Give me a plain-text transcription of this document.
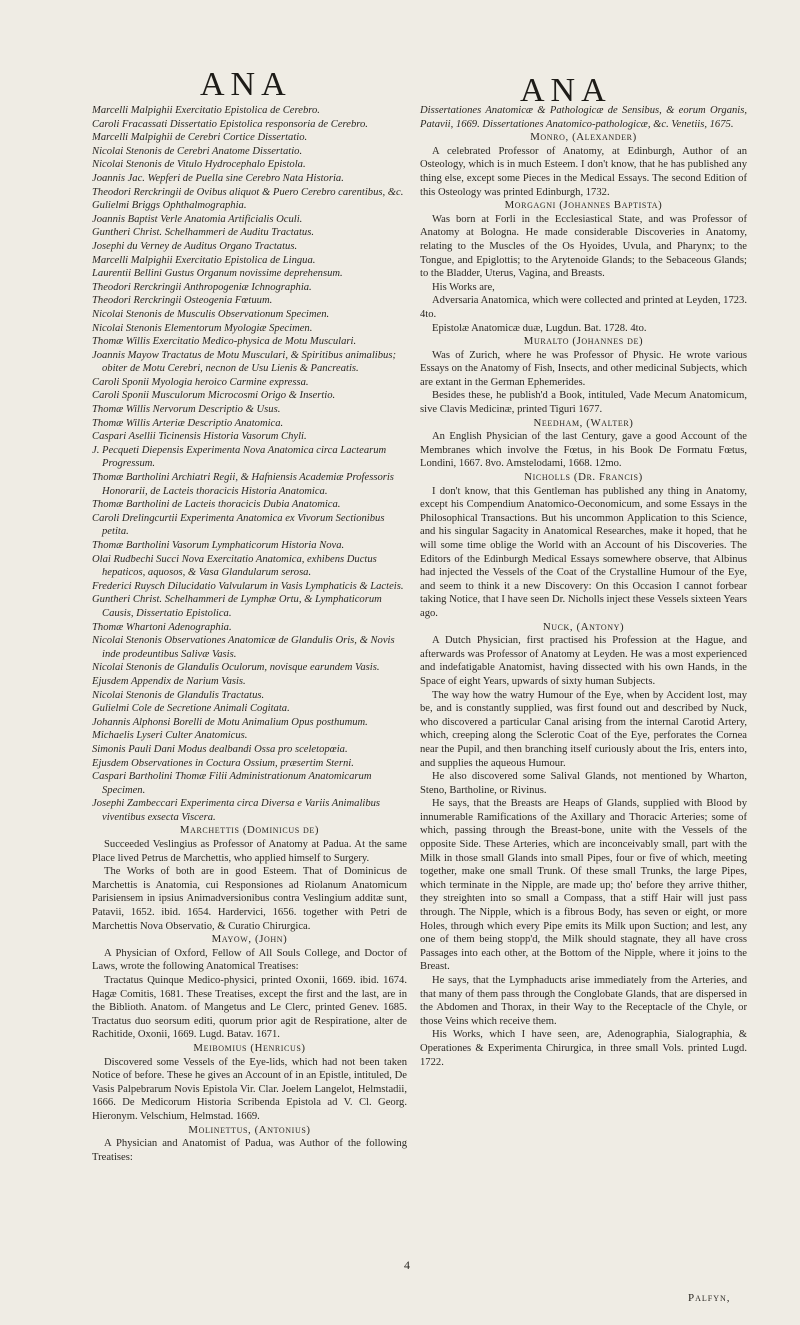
ANA	ANA

Marcelli Malpighii Exercitatio Epistolica de Cerebro.

Caroli Fracassati Dissertatio Epistolica responsoria de Cerebro.

Marcelli Malpighii de Cerebri Cortice Dissertatio.

Nicolai Stenonis de Cerebri Anatome Dissertatio.

Nicolai Stenonis de Vitulo Hydrocephalo Epistola.

Joannis Jac. Wepferi de Puella sine Cerebro Nata Historia.

Theodori Rerckringii de Ovibus aliquot & Puero Cerebro carentibus, &c.

Gulielmi Briggs Ophthalmographia.

Joannis Baptist Verle Anatomia Artificialis Oculi.

Guntheri Christ. Schelhammeri de Auditu Tractatus.

Josephi du Verney de Auditus Organo Tractatus.

Marcelli Malpighii Exercitatio Epistolica de Lingua.

Laurentii Bellini Gustus Organum novissime deprehensum.

Theodori Rerckringii Anthropogeniæ Ichnographia.

Theodori Rerckringii Osteogenia Fœtuum.

Nicolai Stenonis de Musculis Observationum Specimen.

Nicolai Stenonis Elementorum Myologiæ Specimen.

Thomæ Willis Exercitatio Medico-physica de Motu Musculari.

Joannis Mayow Tractatus de Motu Musculari, & Spiritibus animalibus; obiter de Motu Cerebri, necnon de Usu Lienis & Pancreatis.

Caroli Sponii Myologia heroico Carmine expressa.

Caroli Sponii Musculorum Microcosmi Origo & Insertio.

Thomæ Willis Nervorum Descriptio & Usus.

Thomæ Willis Arteriæ Descriptio Anatomica.

Caspari Asellii Ticinensis Historia Vasorum Chyli.

J. Pecqueti Diepensis Experimenta Nova Anatomica circa Lactearum Progressum.

Thomæ Bartholini Archiatri Regii, & Hafniensis Academiæ Professoris Honorarii, de Lacteis thoracicis Historia Anatomica.

Thomæ Bartholini de Lacteis thoracicis Dubia Anatomica.

Caroli Drelingcurtii Experimenta Anatomica ex Vivorum Sectionibus petita.

Thomæ Bartholini Vasorum Lymphaticorum Historia Nova.

Olai Rudbechi Succi Nova Exercitatio Anatomica, exhibens Ductus hepaticos, aquosos, & Vasa Glandularum serosa.

Frederici Ruysch Dilucidatio Valvularum in Vasis Lymphaticis & Lacteis.

Guntheri Christ. Schelhammeri de Lymphæ Ortu, & Lymphaticorum Causis, Dissertatio Epistolica.

Thomæ Whartoni Adenographia.

Nicolai Stenonis Observationes Anatomicæ de Glandulis Oris, & Novis inde prodeuntibus Salivæ Vasis.

Nicolai Stenonis de Glandulis Oculorum, novisque earundem Vasis.

Ejusdem Appendix de Narium Vasis.

Nicolai Stenonis de Glandulis Tractatus.

Gulielmi Cole de Secretione Animali Cogitata.

Johannis Alphonsi Borelli de Motu Animalium Opus posthumum.

Michaelis Lyseri Culter Anatomicus.

Simonis Pauli Dani Modus dealbandi Ossa pro sceletopœia.

Ejusdem Observationes in Coctura Ossium, præsertim Sterni.

Caspari Bartholini Thomæ Filii Administrationum Anatomicarum Specimen.

Josephi Zambeccari Experimenta circa Diversa e Variis Animalibus viventibus exsecta Viscera.

Marchettis (Dominicus de)

Succeeded Veslingius as Professor of Anatomy at Padua. At the same Place lived Petrus de Marchettis, who applied himself to Surgery.

The Works of both are in good Esteem. That of Dominicus de Marchettis is Anatomia, cui Responsiones ad Riolanum Anatomicum Parisiensem in ipsius Animadversionibus contra Veslingium additæ sunt, Patavii, 1652. ibid. 1654. Hardervici, 1656. together with Petri de Marchettis Nova Observatio, & Curatio Chirurgica.

Mayow, (John)

A Physician of Oxford, Fellow of All Souls College, and Doctor of Laws, wrote the following Anatomical Treatises:

Tractatus Quinque Medico-physici, printed Oxonii, 1669. ibid. 1674. Hagæ Comitis, 1681. These Treatises, except the first and the last, are in the Biblioth. Anatom. of Mangetus and Le Clerc, printed Genev. 1685. Tractatus duo seorsum editi, quorum prior agit de Respiratione, alter de Rachitide, Oxonii, 1669. Lugd. Batav. 1671.

Meibomius (Henricus)

Discovered some Vessels of the Eye-lids, which had not been taken Notice of before. These he gives an Account of in an Epistle, intituled, De Vasis Palpebrarum Novis Epistola Vir. Clar. Joelem Langelot, Helmstadii, 1666. De Medicorum Historia Scribenda Epistola ad V. Cl. Georg. Hieronym. Velschium, Helmstad. 1669.

Molinettus, (Antonius)

A Physician and Anatomist of Padua, was Author of the following Treatises:

Dissertationes Anatomicæ & Pathologicæ de Sensibus, & eorum Organis, Patavii, 1669. Dissertationes Anatomico-pathologicæ, &c. Venetiis, 1675.

Monro, (Alexander)

A celebrated Professor of Anatomy, at Edinburgh, Author of an Osteology, which is in much Esteem. I don't know, that he has published any thing else, except some Pieces in the Medical Essays. The second Edition of this Osteology was printed Edinburgh, 1732.

Morgagni (Johannes Baptista)

Was born at Forli in the Ecclesiastical State, and was Professor of Anatomy at Bologna. He made considerable Discoveries in Anatomy, relating to the Muscles of the Os Hyoides, Uvula, and Pharynx; to the Tongue, and Epiglottis; to the Arytenoide Glands; to the Sebaceous Glands; to the Bladder, Uterus, Vagina, and Breasts.

His Works are,

Adversaria Anatomica, which were collected and printed at Leyden, 1723. 4to.

Epistolæ Anatomicæ duæ, Lugdun. Bat. 1728. 4to.

Muralto (Johannes de)

Was of Zurich, where he was Professor of Physic. He wrote various Essays on the Anatomy of Fish, Insects, and other medicinal Subjects, which are extant in the German Ephemerides.

Besides these, he publish'd a Book, intituled, Vade Mecum Anatomicum, sive Clavis Medicinæ, printed Tiguri 1677.

Needham, (Walter)

An English Physician of the last Century, gave a good Account of the Membranes which involve the Fœtus, in his Book De Formatu Fœtus, Londini, 1667. 8vo. Amstelodami, 1668. 12mo.

Nicholls (Dr. Francis)

I don't know, that this Gentleman has published any thing in Anatomy, except his Compendium Anatomico-Oeconomicum, and some Essays in the Philosophical Transactions. But his uncommon Application to this Science, and his singular Sagacity in Anatomical Researches, make it hoped, that he will some time oblige the World with an Account of his Discoveries. The Editors of the Edinburgh Medical Essays somewhere observe, that Albinus had injected the Vessels of the Coat of the Crystalline Humour of the Eye, and seem to think it a new Discovery: On this Occasion I cannot forbear taking Notice, that I have seen Dr. Nicholls inject these Vessels sixteen Years ago.

Nuck, (Antony)

A Dutch Physician, first practised his Profession at the Hague, and afterwards was Professor of Anatomy at Leyden. He was a most experienced and indefatigable Anatomist, having dissected with his own Hands, in the Space of eight Years, upwards of sixty human Subjects.

The way how the watry Humour of the Eye, when by Accident lost, may be, and is constantly supplied, was first found out and described by Nuck, who discovered a particular Canal arising from the internal Carotid Artery, which, creeping along the Sclerotic Coat of the Eye, perforates the Cornea near the Pupil, and then branching itself curiously about the Iris, enters into, and supplies the aqueous Humour.

He also discovered some Salival Glands, not mentioned by Wharton, Steno, Bartholine, or Rivinus.

He says, that the Breasts are Heaps of Glands, supplied with Blood by innumerable Ramifications of the Axillary and Thoracic Arteries; some of which, passing through the Breast-bone, unite with the Vessels of the opposite Side. These Arteries, which are inconceivably small, part with the Milk in those small Glands into small Pipes, four or five of which, meeting together, make one small Trunk. Of these small Trunks, the large Pipes, which terminate in the Nipple, are made up; tho' before they arrive thither, they streighten into so small a Compass, that a stiff Hair will just pass through. The Nipple, which is a fibrous Body, has seven or eight, or more Holes, through which every Pipe emits its Milk upon Suction; and lest, any one of them being stopp'd, the Milk should stagnate, they all have cross Passages into each other, at the Bottom of the Nipple, where it joins to the Breast.

He says, that the Lymphaducts arise immediately from the Arteries, and that many of them pass through the Conglobate Glands, that are dispersed in the Abdomen and Thorax, in their Way to the Receptacle of the Chyle, or those Veins which receive them.

His Works, which I have seen, are, Adenographia, Sialographia, & Operationes & Experimenta Chirurgica, in three small Vols. printed Lugd. 1722.

4
Palfyn,
